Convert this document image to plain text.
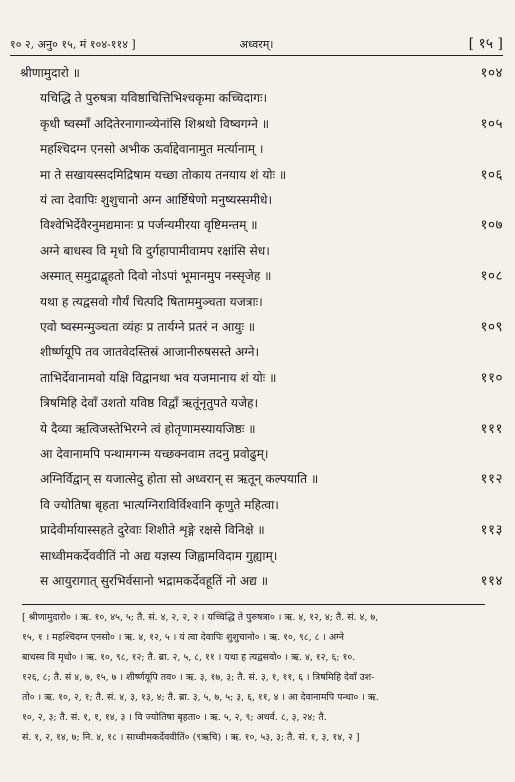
१० २, अनु० १५, मं १०४-११४ ]	अध्वरम्।	[ १५ ]
श्रीणामुदारो ॥	१०४
यचिद्धि ते पुरुषत्रा यविष्ठाचित्तिभिश्चकृमा कच्चिदागः।
कृधी ष्वस्माँ अदितेरनागान्व्येनांसि शिश्रथो विष्वगग्ने ॥	१०५
महश्चिदग्न एनसो अभीक ऊर्वाद्देवानामुत मर्त्यानाम् ।
मा ते सखायस्सदमिद्रिषाम यच्छा तोकाय तनयाय शं योः ॥	१०६
यं त्वा देवापिः शुशुचानो अग्न आर्ष्टिषेणो मनुष्यस्समीधे।
विश्वेभिर्देवैरनुमद्यमानः प्र पर्जन्यमीरया वृष्टिमन्तम् ॥	१०७
अग्ने बाधस्व वि मृधो वि दुर्गहापामीवामप रक्षांसि सेध।
अस्मात् समुद्राद्बृहतो दिवो नोऽपां भूमानमुप नस्सृजेह ॥	१०८
यथा ह त्यद्वसवो गौर्यं चित्पदि षिताममुञ्चता यजत्राः।
एवो ष्वस्मन्मुञ्चता व्यंहः प्र तार्यग्ने प्रतरं न आयुः ॥	१०९
शीर्ष्णयूपि तव जातवेदस्तिस्रं आजानीरुषसस्ते अग्ने।
ताभिर्देवानामवो यक्षि विद्वानथा भव यजमानाय शं योः ॥	११०
त्रिषमिहि देवाँ उशतो यविष्ठ विद्वाँ ऋतूंनृतुपते यजेह।
ये दैव्या ऋत्विजस्तेभिरग्ने त्वं होतृणामस्यायजिष्ठः ॥	१११
आ देवानामपि पन्थामगन्म यच्छक्नवाम तदनु प्रवोढुम्।
अग्निर्विद्वान् स यजात्सेदु होता सो अध्वरान् स ऋतून् कल्पयाति ॥	११२
वि ज्योतिषा बृहता भात्यग्निराविर्विश्वानि कृणुते महित्वा।
प्रादेवीर्मायास्सहते दुरेवाः शिशीते शृङ्गे रक्षसे विनिक्षे ॥	११३
साध्वीमकर्देववीतिं नो अद्य यज्ञस्य जिह्वामविदाम गुह्याम्।
स आयुरागात् सुरभिर्वसानो भद्रामकर्देवहूतिं नो अद्य ॥	११४
[ श्रीणामुदारो० । ऋ. १०, ४५, ५; तै. सं. ४, २, २, २ । यच्चिद्धि ते पुरुषत्रा० । ऋ. ४, १२, ४; तै. सं. ४, ७,
१५, १ । महश्चिदग्न एनसो० । ऋ. ४, १२, ५ । यं त्वा देवापिः शुशुचानो० । ऋ. १०, ९८, ८ । अग्ने
बाधस्व वि मृधो० । ऋ. १०, ९८, १२; तै. ब्रा. २, ५, ८, ११ । यथा ह त्यद्वसवो० । ऋ. ४, १२, ६; १०.
१२६, ८; तै. सं ४, ७, १५, ७ । शीर्ष्णयूपि तव० । ऋ. ३, १७, ३; तै. सं. ३, १, ११, ६ । त्रिषमिहि देवाँ उश-
तो० । ऋ. १०, २, १; तै. सं. ४, ३, १३, ४; तै. ब्रा. ३, ५, ७, ५; ३, ६, ११, ४ । आ देवानामपि पन्था० । ऋ.
१०, २, ३; तै. सं. १, १, १४, ३ । वि ज्योतिषा बृहता० । ऋ. ५, २, ९; अथर्व. ८, ३, २४; तै.
सं. १, २, १४, ७; नि. ४, १८ । साध्वीमकर्देववीतिं० (९ऋचि) । ऋ. १०, ५३, ३; तै. सं. १, ३, १४, २ ]
